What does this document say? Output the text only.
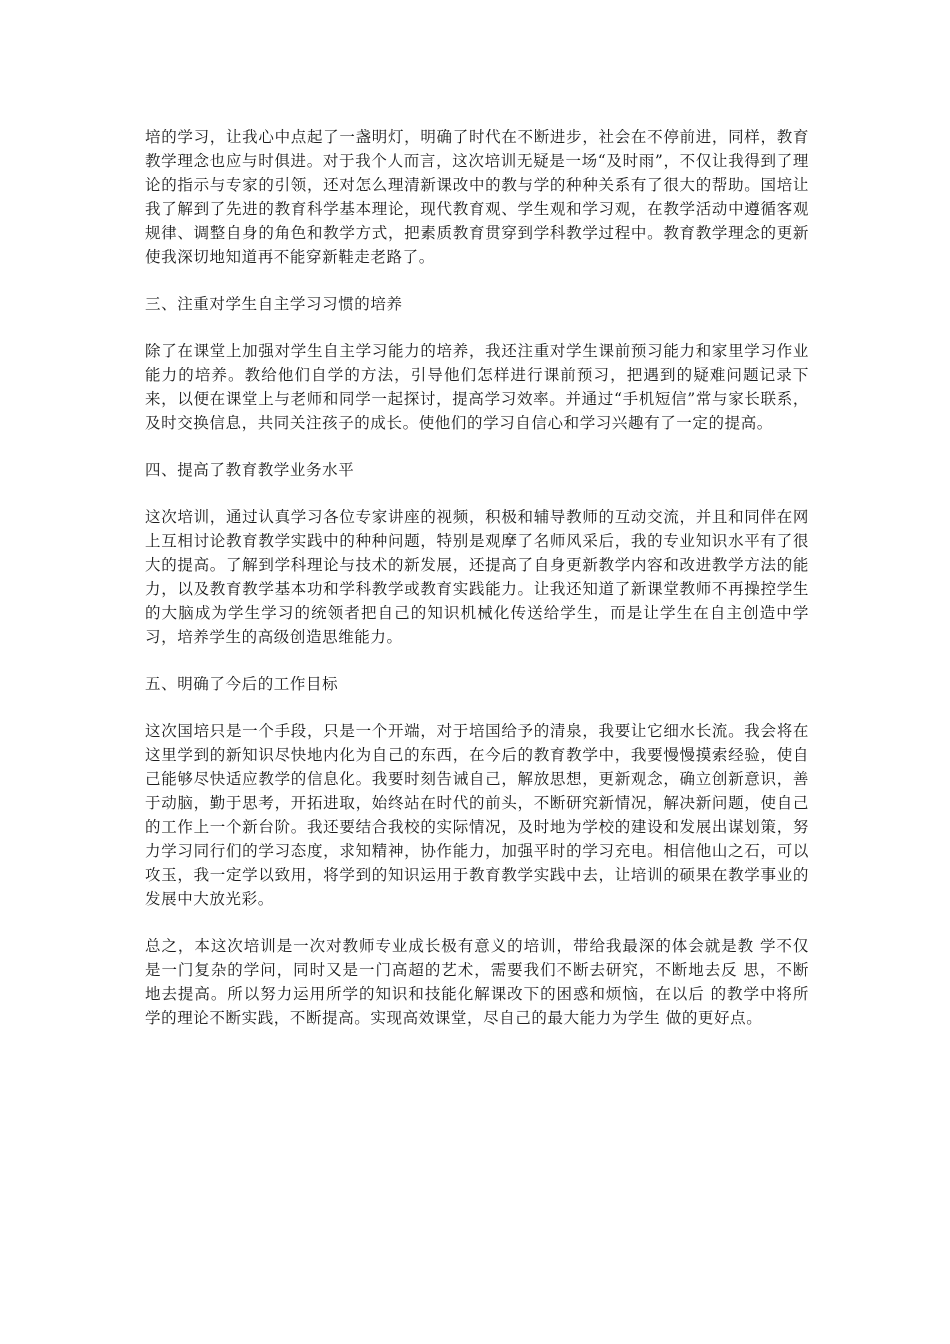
培的学习，让我心中点起了一盏明灯，明确了时代在不断进步，社会在不停前进，同样，教育教学理念也应与时俱进。对于我个人而言，这次培训无疑是一场“及时雨”，不仅让我得到了理论的指示与专家的引领，还对怎么理清新课改中的教与学的种种关系有了很大的帮助。国培让我了解到了先进的教育科学基本理论，现代教育观、学生观和学习观，在教学活动中遵循客观规律、调整自身的角色和教学方式，把素质教育贯穿到学科教学过程中。教育教学理念的更新使我深切地知道再不能穿新鞋走老路了。

三、注重对学生自主学习习惯的培养

除了在课堂上加强对学生自主学习能力的培养，我还注重对学生课前预习能力和家里学习作业能力的培养。教给他们自学的方法，引导他们怎样进行课前预习，把遇到的疑难问题记录下来，以便在课堂上与老师和同学一起探讨，提高学习效率。并通过“手机短信”常与家长联系，及时交换信息，共同关注孩子的成长。使他们的学习自信心和学习兴趣有了一定的提高。

四、提高了教育教学业务水平

这次培训，通过认真学习各位专家讲座的视频，积极和辅导教师的互动交流，并且和同伴在网上互相讨论教育教学实践中的种种问题，特别是观摩了名师风采后，我的专业知识水平有了很大的提高。了解到学科理论与技术的新发展，还提高了自身更新教学内容和改进教学方法的能力，以及教育教学基本功和学科教学或教育实践能力。让我还知道了新课堂教师不再操控学生的大脑成为学生学习的统领者把自己的知识机械化传送给学生，而是让学生在自主创造中学习，培养学生的高级创造思维能力。

五、明确了今后的工作目标

这次国培只是一个手段，只是一个开端，对于培国给予的清泉，我要让它细水长流。我会将在这里学到的新知识尽快地内化为自己的东西，在今后的教育教学中，我要慢慢摸索经验，使自己能够尽快适应教学的信息化。我要时刻告诫自己，解放思想，更新观念，确立创新意识，善于动脑，勤于思考，开拓进取，始终站在时代的前头，不断研究新情况，解决新问题，使自己的工作上一个新台阶。我还要结合我校的实际情况，及时地为学校的建设和发展出谋划策，努力学习同行们的学习态度，求知精神，协作能力，加强平时的学习充电。相信他山之石，可以攻玉，我一定学以致用，将学到的知识运用于教育教学实践中去，让培训的硕果在教学事业的发展中大放光彩。

总之，本这次培训是一次对教师专业成长极有意义的培训，带给我最深的体会就是教 学不仅是一门复杂的学问，同时又是一门高超的艺术，需要我们不断去研究，不断地去反 思，不断地去提高。所以努力运用所学的知识和技能化解课改下的困惑和烦恼，在以后 的教学中将所学的理论不断实践，不断提高。实现高效课堂，尽自己的最大能力为学生 做的更好点。
